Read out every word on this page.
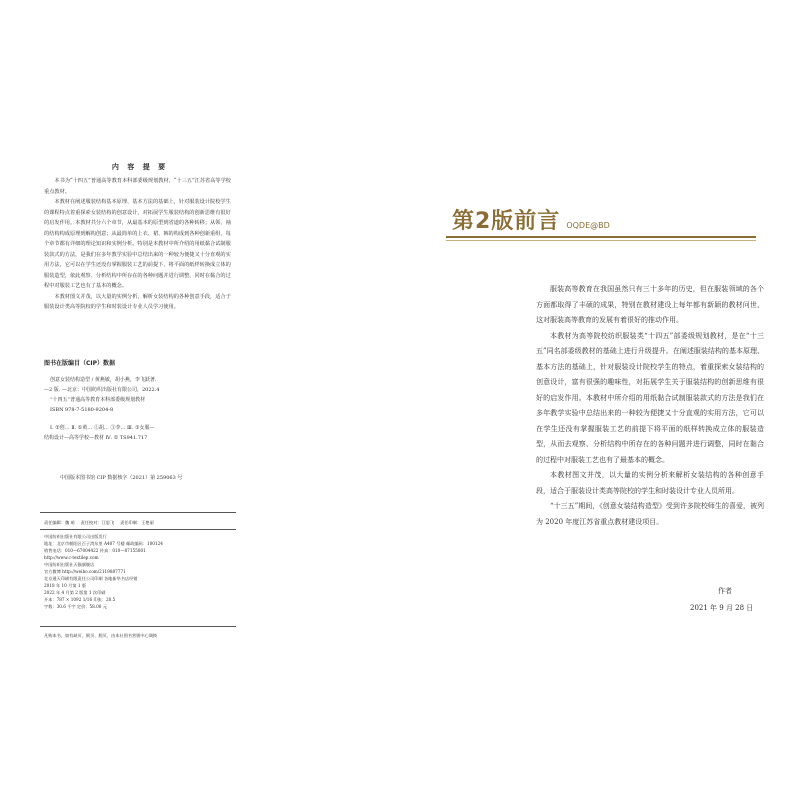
内 容 提 要

本书为“十四五”普通高等教育本科部委级规划教材，“十三五”江苏省高等学校重点教材。

本教材在阐述服装结构基本原理、基本方法的基础上，针对服装设计院校学生的课程特点着重探索女装结构的创意设计，对拓展学生服装结构的创新思维有很好的启发作用。本教材共分六个章节，从最基本的原型到省道的各种转移；从领、袖的结构构成原理到解构创意；从最简单的上衣、裙、裤的构成到各种创新重组，每个章节都有详细的理论知识和实例分析。特别是本教材中所介绍的用纸黏合试制服装款式的方法，是我们在多年教学实验中总结出来的一种较为便捷又十分直观的实用方法，它可以在学生还没有掌握服装工艺的前提下，将平面的纸样转换成立体的服装造型，依此观察、分析结构中所存在的各种问题并进行调整，同时在黏合的过程中对服装工艺也有了基本的概念。

本教材图文并茂，以大量的实例分析、解析女装结构的各种创意手段，适合于服装设计类高等院校的学生和时装设计专业人员学习使用。

图书在版编目（CIP）数据
创意女装结构造型 / 黄燕敏，胡小燕，李飞跃著.
—2 版. —北京：中国纺织出版社有限公司，2022.4
“十四五”普通高等教育本科部委级规划教材
ISBN 978-7-5180-9204-8
Ⅰ. ①创… Ⅱ. ①黄… ②胡… ③李… Ⅲ. ①女服—
结构设计—高等学校—教材 Ⅳ. ① TS941.717
中国版本图书馆 CIP 数据核字（2021）第 259063 号
责任编辑：魏 萌 责任校对：江思飞 责任印制：王艳丽
中国纺织出版社有限公司出版发行
地址：北京市朝阳区百子湾东里 A407 号楼 邮政编码：100124
销售电话：010—67004422 传真：010—87155801
http://www.c-textilep.com
中国纺织出版社天猫旗舰店
官方微博 http://weibo.com/2119887771
北京通天印刷有限责任公司印刷 各地新华书店经销
2018 年 10 月第 1 版
2022 年 4 月第 2 版第 1 次印刷
开本：787 × 1092 1/16 印张：20.5
字数：30.6 千字 定价：58.00 元
凡购本书，如有缺页、倒页、脱页，由本社图书营销中心调换
第2版前言 OQDE@BD

服装高等教育在我国虽然只有三十多年的历史，但在服装领域的各个方面都取得了丰硕的成果，特别在教材建设上每年都有新颖的教材问世，这对服装高等教育的发展有着很好的推动作用。

本教材为高等院校纺织服装类“十四五”部委级规划教材，是在“十三五”同名部委级教材的基础上进行升级提升。在阐述服装结构的基本原理、基本方法的基础上，针对服装设计院校学生的特点，着重探索女装结构的创意设计，富有很强的趣味性，对拓展学生关于服装结构的创新思维有很好的启发作用。本教材中所介绍的用纸黏合试制服装款式的方法是我们在多年教学实验中总结出来的一种较为便捷又十分直观的实用方法，它可以在学生还没有掌握服装工艺的前提下将平面的纸样转换成立体的服装造型，从而去观察、分析结构中所存在的各种问题并进行调整，同时在黏合的过程中对服装工艺也有了最基本的概念。

本教材图文并茂，以大量的实例分析来解析女装结构的各种创意手段，适合于服装设计类高等院校的学生和时装设计专业人员所用。

“十三五”期间，《创意女装结构造型》受到许多院校师生的喜爱，被列为 2020 年度江苏省重点教材建设项目。

作者
2021 年 9 月 28 日
